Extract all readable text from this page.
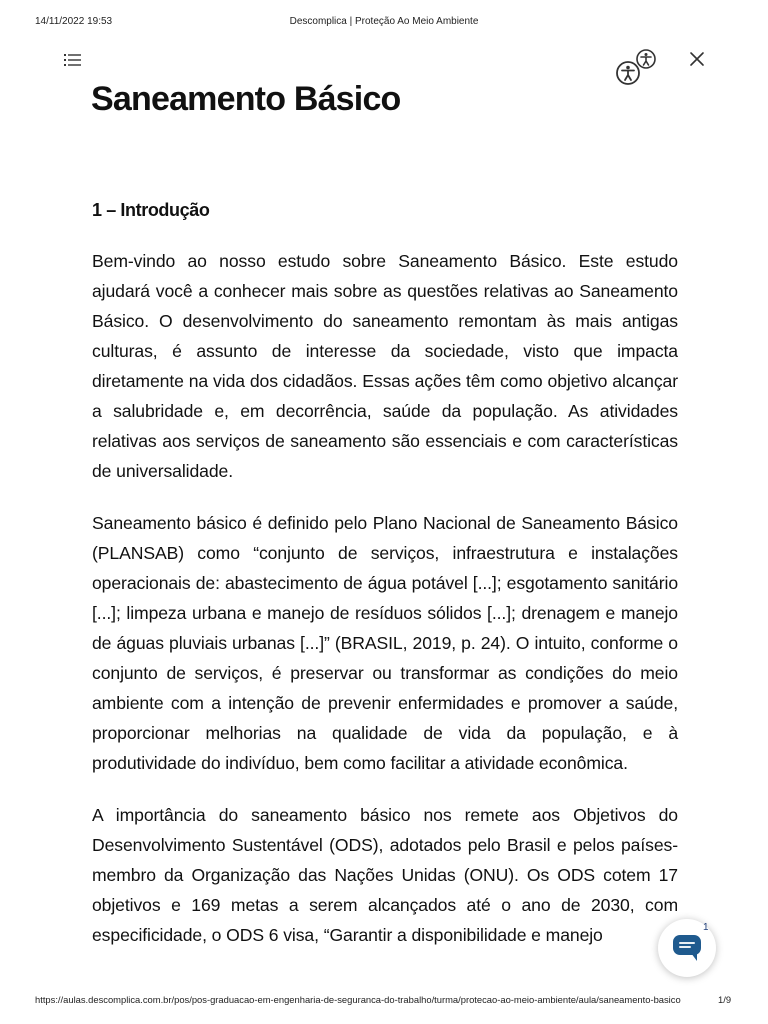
14/11/2022 19:53	Descomplica | Proteção Ao Meio Ambiente
Saneamento Básico
1 – Introdução

Bem-vindo ao nosso estudo sobre Saneamento Básico. Este estudo ajudará você a conhecer mais sobre as questões relativas ao Saneamento Básico. O desenvolvimento do saneamento remontam às mais antigas culturas, é assunto de interesse da sociedade, visto que impacta diretamente na vida dos cidadãos. Essas ações têm como objetivo alcançar a salubridade e, em decorrência, saúde da população. As atividades relativas aos serviços de saneamento são essenciais e com características de universalidade.

Saneamento básico é definido pelo Plano Nacional de Saneamento Básico (PLANSAB) como “conjunto de serviços, infraestrutura e instalações operacionais de: abastecimento de água potável [...]; esgotamento sanitário [...]; limpeza urbana e manejo de resíduos sólidos [...]; drenagem e manejo de águas pluviais urbanas [...]” (BRASIL, 2019, p. 24). O intuito, conforme o conjunto de serviços, é preservar ou transformar as condições do meio ambiente com a intenção de prevenir enfermidades e promover a saúde, proporcionar melhorias na qualidade de vida da população, e à produtividade do indivíduo, bem como facilitar a atividade econômica.

A importância do saneamento básico nos remete aos Objetivos do Desenvolvimento Sustentável (ODS), adotados pelo Brasil e pelos países-membro da Organização das Nações Unidas (ONU). Os ODS cotem 17 objetivos e 169 metas a serem alcançados até o ano de 2030, com especificidade, o ODS 6 visa, “Garantir a disponibilidade e manejo	1
https://aulas.descomplica.com.br/pos/pos-graduacao-em-engenharia-de-seguranca-do-trabalho/turma/protecao-ao-meio-ambiente/aula/saneamento-basico	1/9
